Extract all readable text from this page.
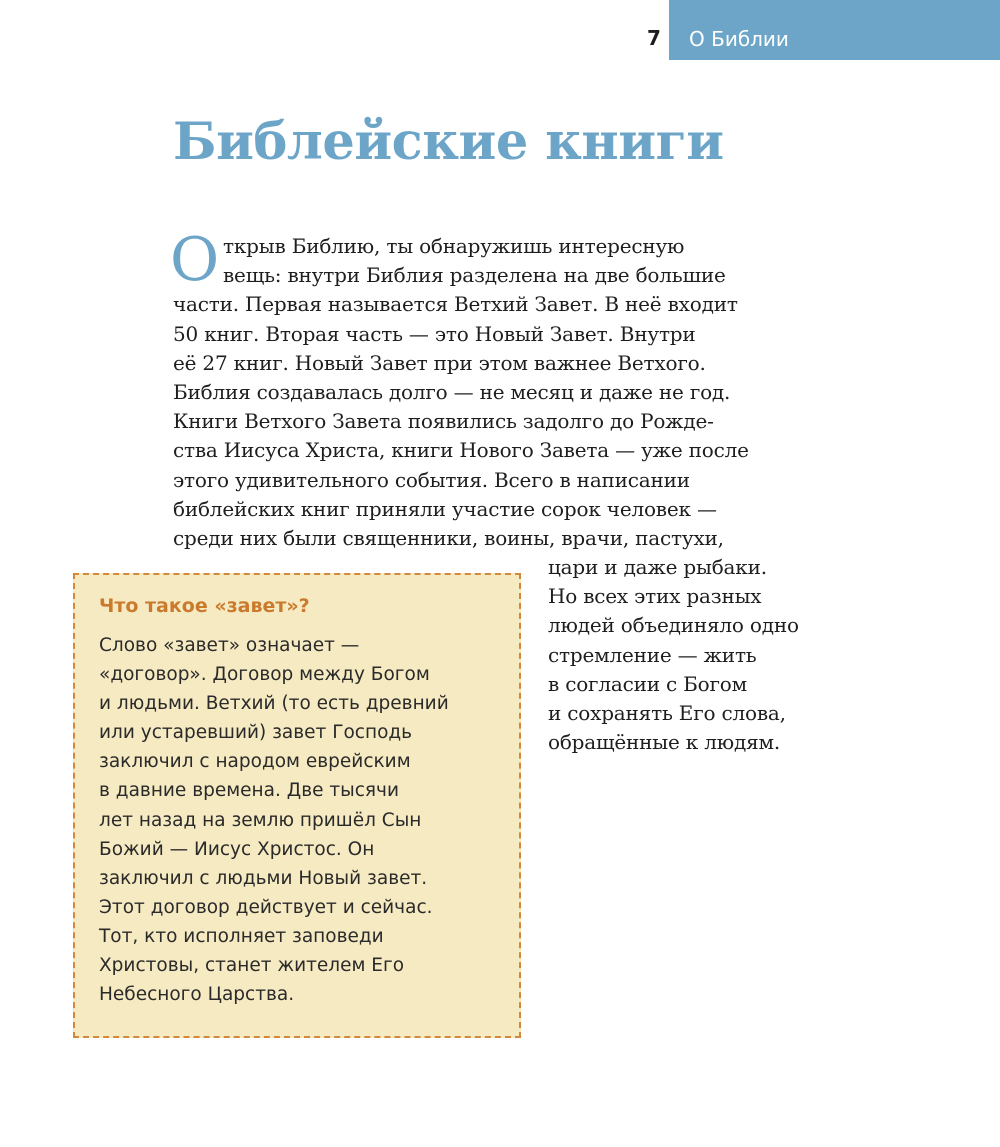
7	О Библии
Библейские книги
О ткрыв Библию, ты обнаружишь интересную
вещь: внутри Библия разделена на две большие
части. Первая называется Ветхий Завет. В неё входит
50 книг. Вторая часть — это Новый Завет. Внутри
её 27 книг. Новый Завет при этом важнее Ветхого.
Библия создавалась долго — не месяц и даже не год.
Книги Ветхого Завета появились задолго до Рожде-
ства Иисуса Христа, книги Нового Завета — уже после
этого удивительного события. Всего в написании
библейских книг приняли участие сорок человек —
среди них были священники, воины, врачи, пастухи,
цари и даже рыбаки.
Но всех этих разных
людей объединяло одно
стремление — жить
в согласии с Богом
и сохранять Его слова,
обращённые к людям.
Что такое «завет»?
Слово «завет» означает —
«договор». Договор между Богом
и людьми. Ветхий (то есть древний
или устаревший) завет Господь
заключил с народом еврейским
в давние времена. Две тысячи
лет назад на землю пришёл Сын
Божий — Иисус Христос. Он
заключил с людьми Новый завет.
Этот договор действует и сейчас.
Тот, кто исполняет заповеди
Христовы, станет жителем Его
Небесного Царства.
